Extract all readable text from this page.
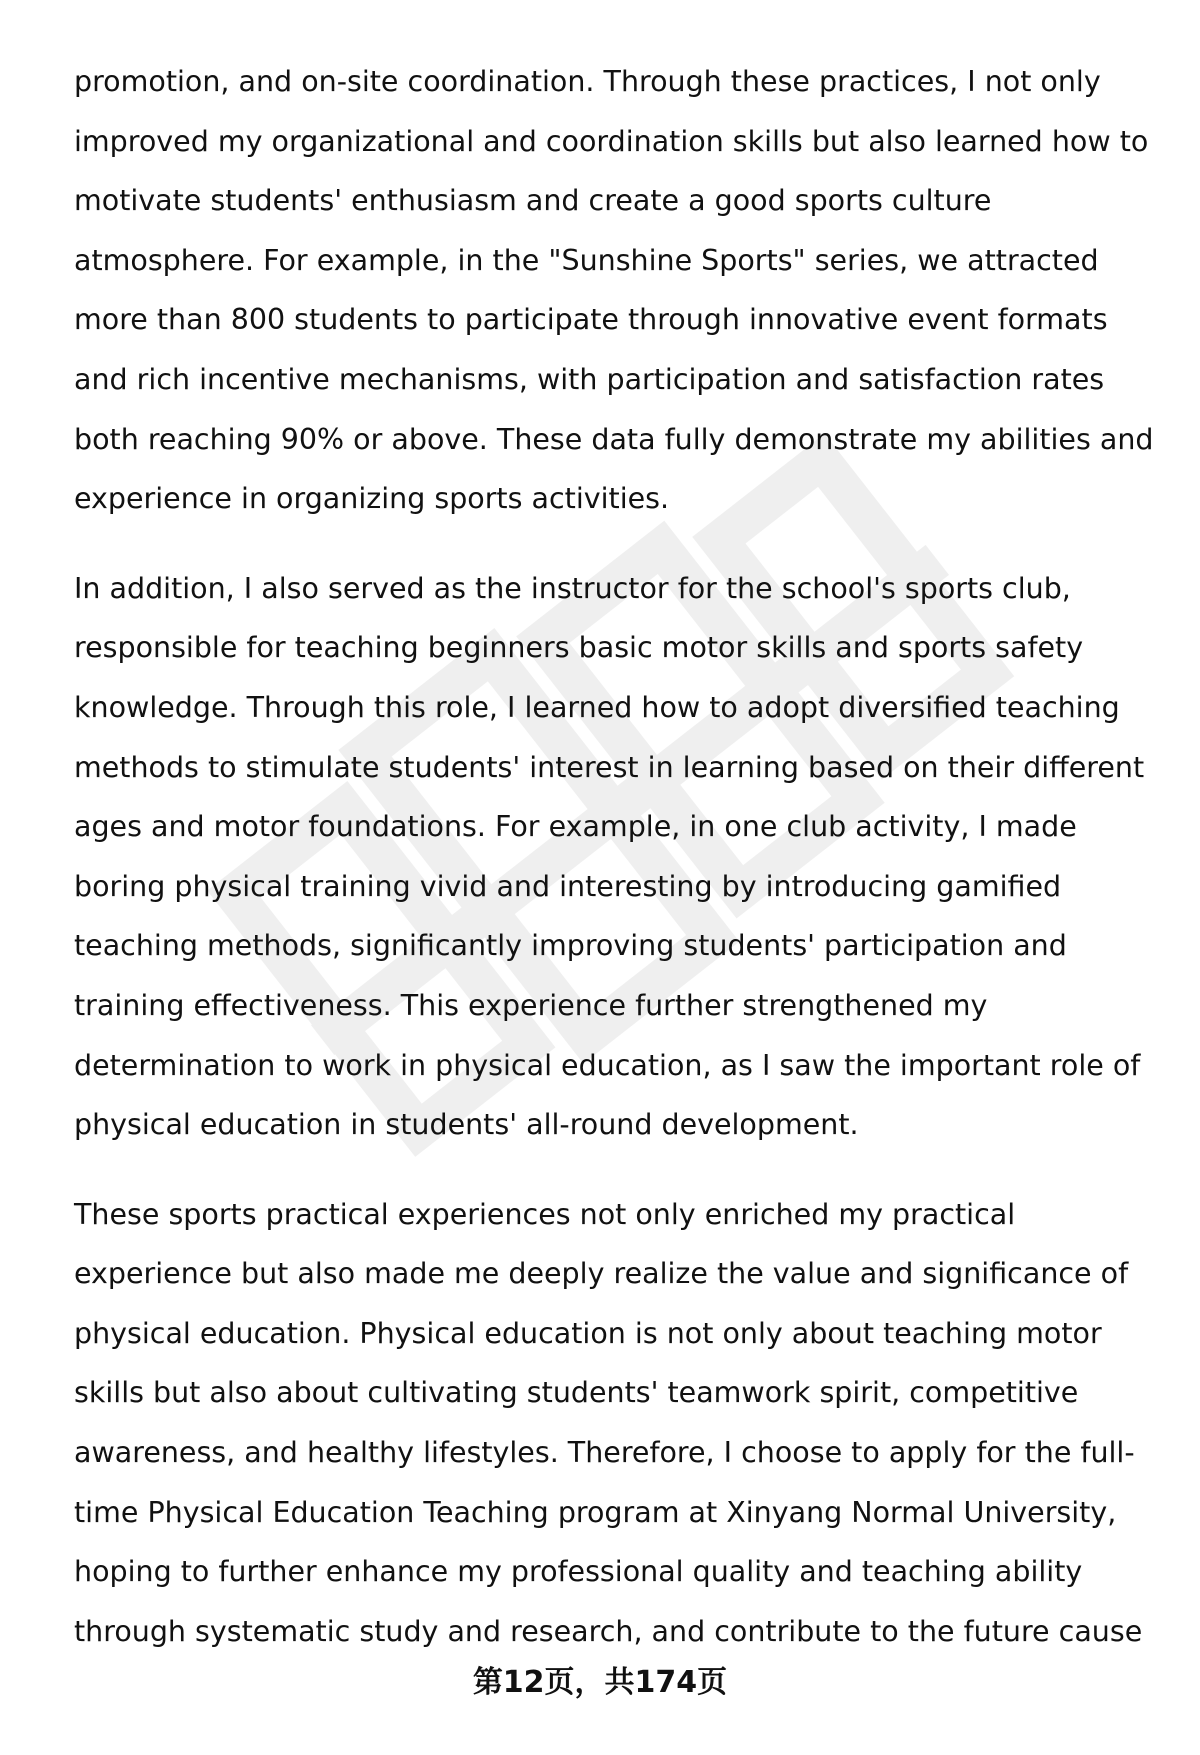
promotion, and on-site coordination. Through these practices, I not only
improved my organizational and coordination skills but also learned how to
motivate students' enthusiasm and create a good sports culture
atmosphere. For example, in the "Sunshine Sports" series, we attracted
more than 800 students to participate through innovative event formats
and rich incentive mechanisms, with participation and satisfaction rates
both reaching 90% or above. These data fully demonstrate my abilities and
experience in organizing sports activities.

In addition, I also served as the instructor for the school's sports club,
responsible for teaching beginners basic motor skills and sports safety
knowledge. Through this role, I learned how to adopt diversified teaching
methods to stimulate students' interest in learning based on their different
ages and motor foundations. For example, in one club activity, I made
boring physical training vivid and interesting by introducing gamified
teaching methods, significantly improving students' participation and
training effectiveness. This experience further strengthened my
determination to work in physical education, as I saw the important role of
physical education in students' all-round development.

These sports practical experiences not only enriched my practical
experience but also made me deeply realize the value and significance of
physical education. Physical education is not only about teaching motor
skills but also about cultivating students' teamwork spirit, competitive
awareness, and healthy lifestyles. Therefore, I choose to apply for the full-
time Physical Education Teaching program at Xinyang Normal University,
hoping to further enhance my professional quality and teaching ability
through systematic study and research, and contribute to the future cause

第12页，共174页
